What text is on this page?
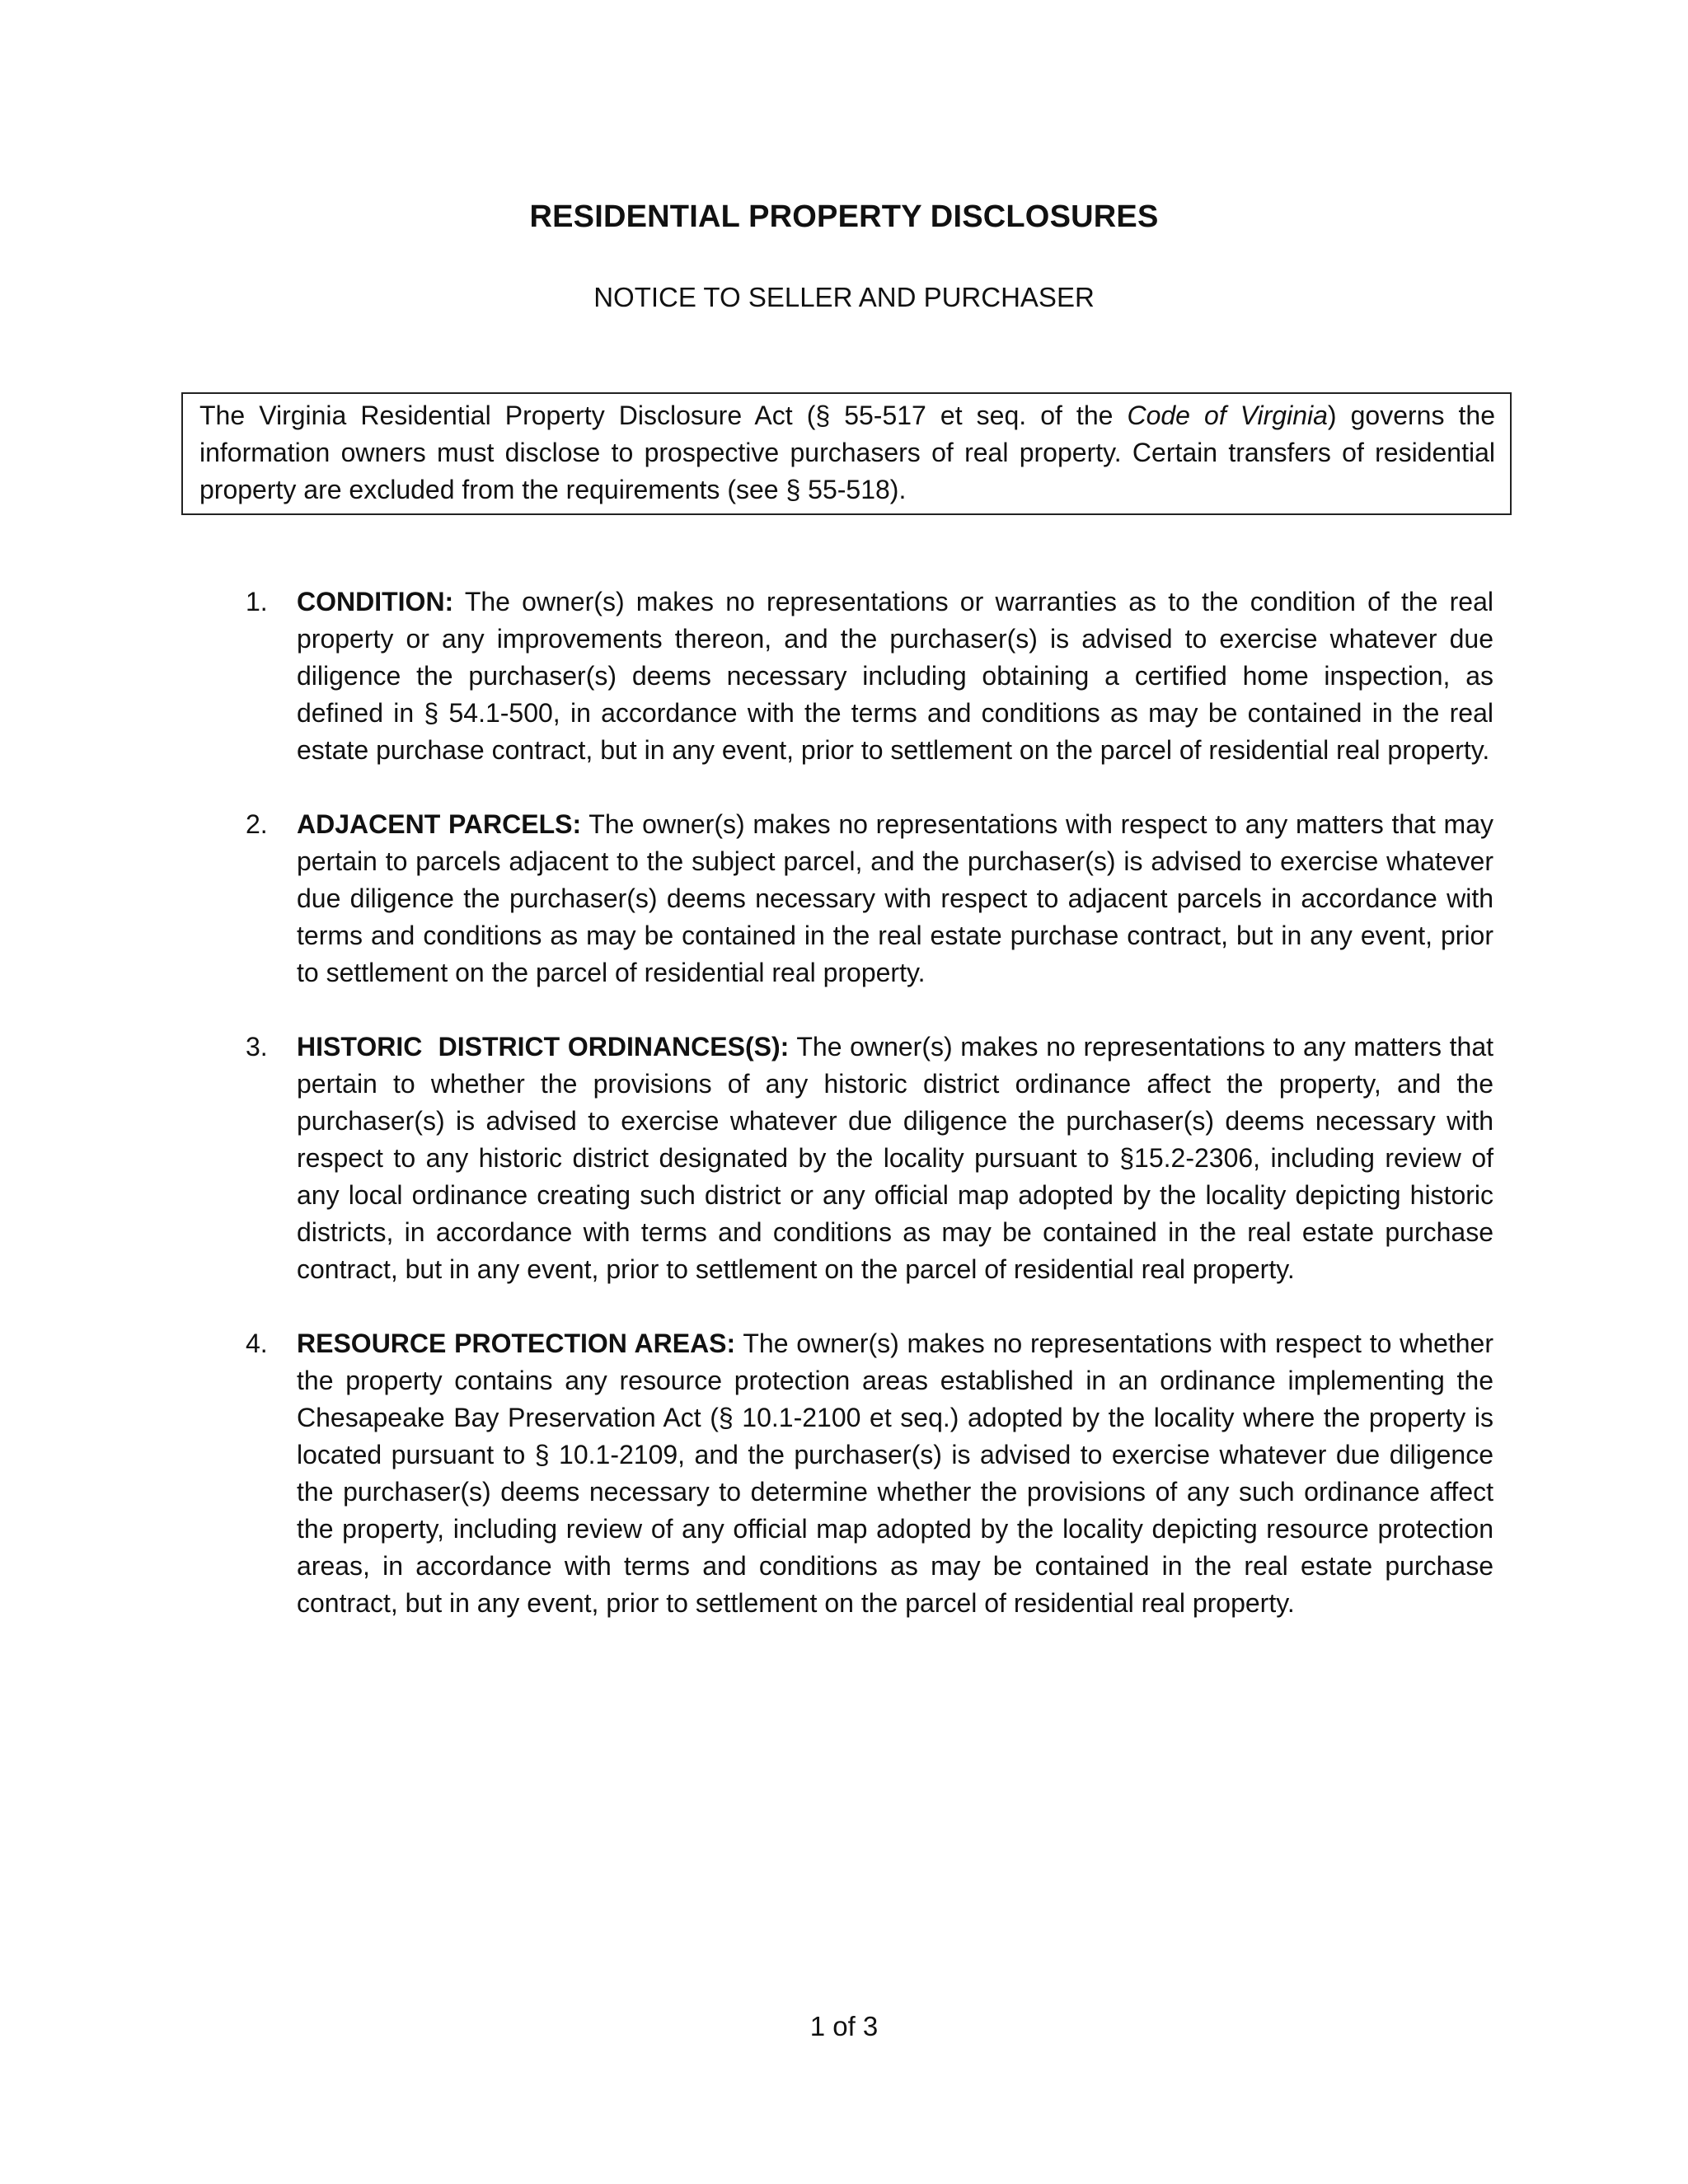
RESIDENTIAL PROPERTY DISCLOSURES

NOTICE TO SELLER AND PURCHASER

The Virginia Residential Property Disclosure Act (§ 55-517 et seq. of the Code of Virginia) governs the information owners must disclose to prospective purchasers of real property. Certain transfers of residential property are excluded from the requirements (see § 55-518).

1. CONDITION: The owner(s) makes no representations or warranties as to the condition of the real property or any improvements thereon, and the purchaser(s) is advised to exercise whatever due diligence the purchaser(s) deems necessary including obtaining a certified home inspection, as defined in § 54.1-500, in accordance with the terms and conditions as may be contained in the real estate purchase contract, but in any event, prior to settlement on the parcel of residential real property.
2. ADJACENT PARCELS: The owner(s) makes no representations with respect to any matters that may pertain to parcels adjacent to the subject parcel, and the purchaser(s) is advised to exercise whatever due diligence the purchaser(s) deems necessary with respect to adjacent parcels in accordance with terms and conditions as may be contained in the real estate purchase contract, but in any event, prior to settlement on the parcel of residential real property.
3. HISTORIC  DISTRICT ORDINANCES(S): The owner(s) makes no representations to any matters that pertain to whether the provisions of any historic district ordinance affect the property, and the purchaser(s) is advised to exercise whatever due diligence the purchaser(s) deems necessary with respect to any historic district designated by the locality pursuant to §15.2-2306, including review of any local ordinance creating such district or any official map adopted by the locality depicting historic districts, in accordance with terms and conditions as may be contained in the real estate purchase contract, but in any event, prior to settlement on the parcel of residential real property.
4. RESOURCE PROTECTION AREAS: The owner(s) makes no representations with respect to whether the property contains any resource protection areas established in an ordinance implementing the Chesapeake Bay Preservation Act (§ 10.1-2100 et seq.) adopted by the locality where the property is located pursuant to § 10.1-2109, and the purchaser(s) is advised to exercise whatever due diligence the purchaser(s) deems necessary to determine whether the provisions of any such ordinance affect the property, including review of any official map adopted by the locality depicting resource protection areas, in accordance with terms and conditions as may be contained in the real estate purchase contract, but in any event, prior to settlement on the parcel of residential real property.

1 of 3
